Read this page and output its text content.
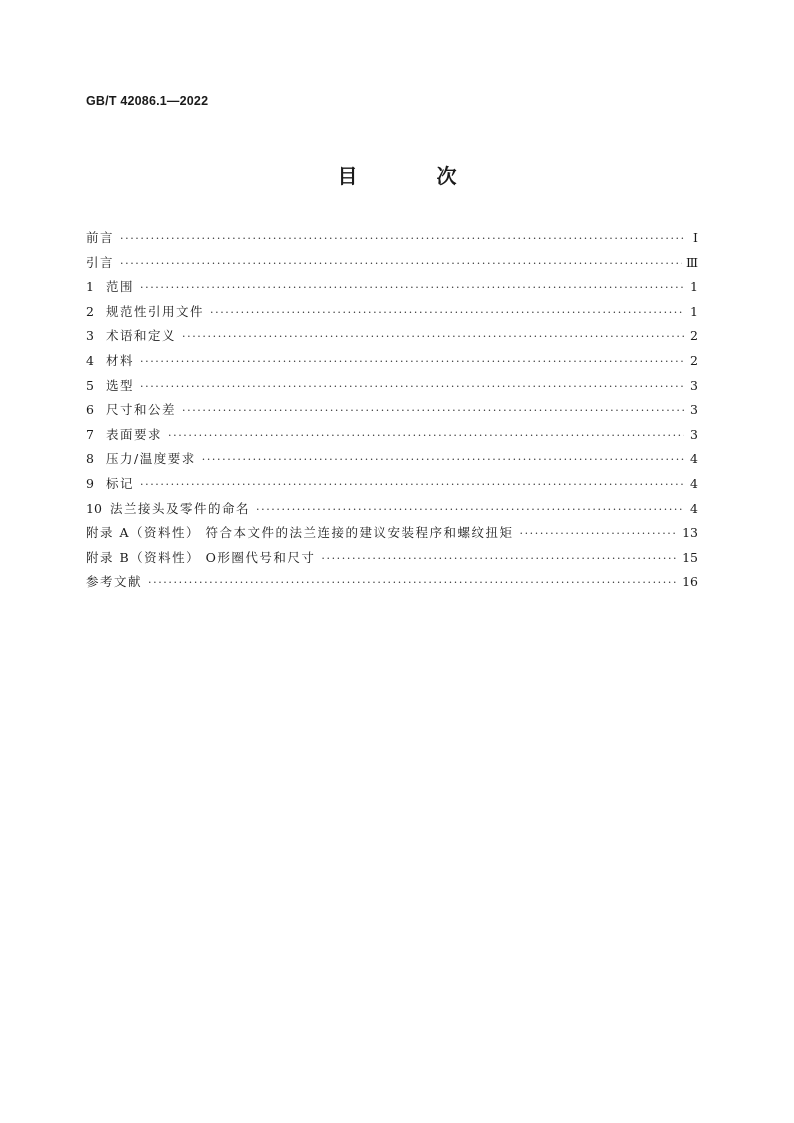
GB/T 42086.1—2022
目 次
前言 ·····	Ⅰ
引言 ·····	Ⅲ
1 范围 ·····	1
2 规范性引用文件 ·····	1
3 术语和定义 ·····	2
4 材料 ·····	2
5 选型 ·····	3
6 尺寸和公差 ·····	3
7 表面要求 ·····	3
8 压力/温度要求 ·····	4
9 标记 ·····	4
10 法兰接头及零件的命名 ·····	4
附录 A（资料性） 符合本文件的法兰连接的建议安装程序和螺纹扭矩 ·····	13
附录 B（资料性） O形圈代号和尺寸 ·····	15
参考文献 ·····	16
